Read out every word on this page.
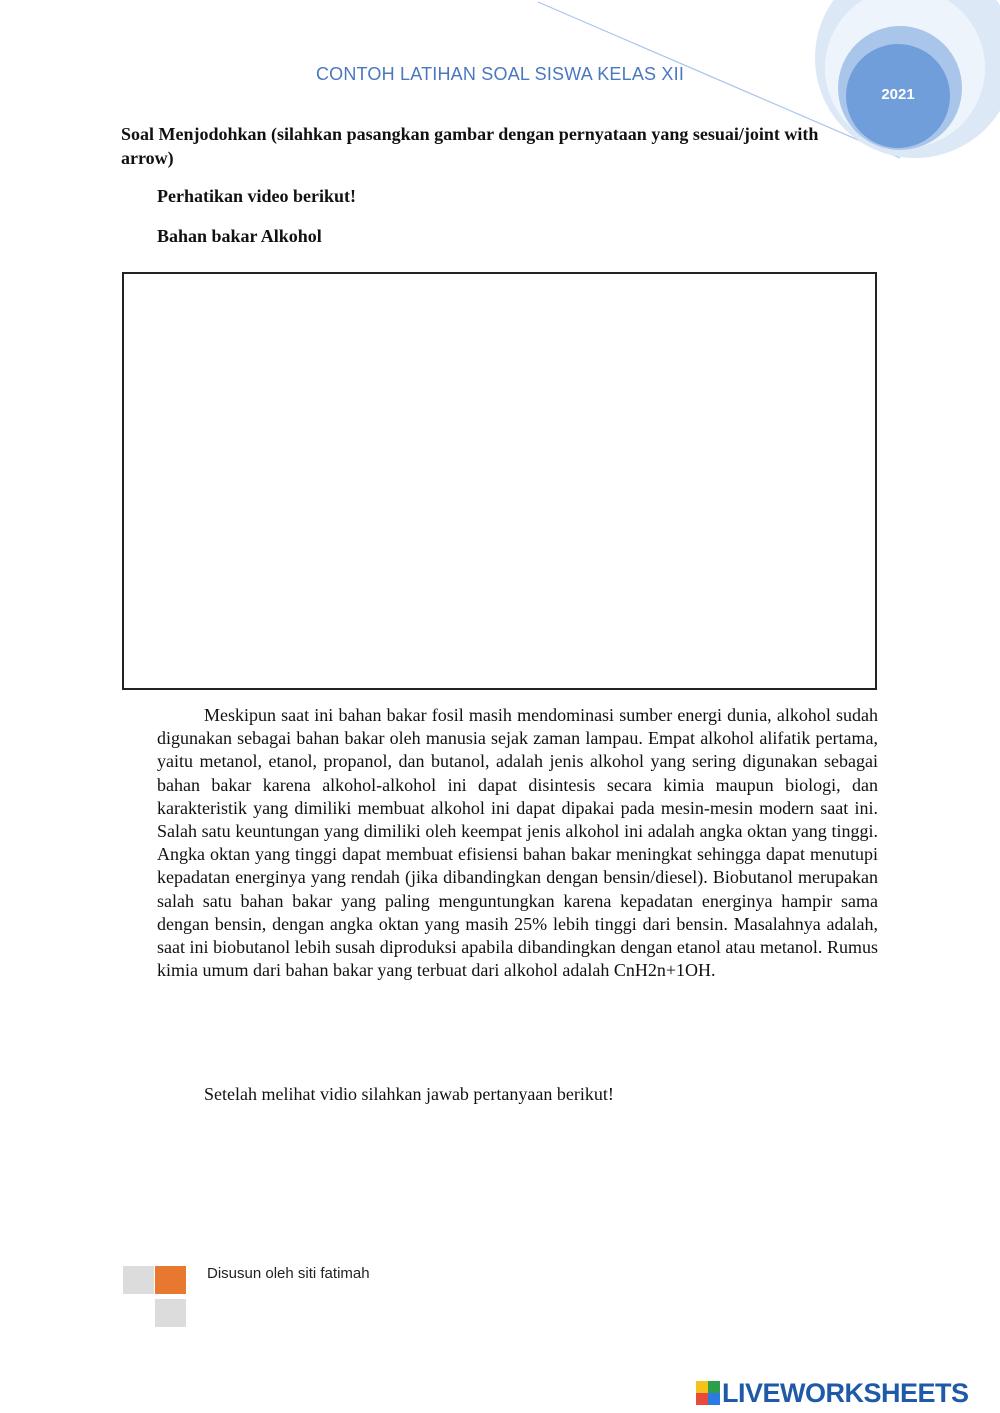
2021
CONTOH LATIHAN SOAL SISWA KELAS XII
Soal Menjodohkan (silahkan pasangkan gambar dengan pernyataan yang sesuai/joint with arrow)
Perhatikan video berikut!
Bahan bakar Alkohol
Meskipun saat ini bahan bakar fosil masih mendominasi sumber energi dunia, alkohol sudah digunakan sebagai bahan bakar oleh manusia sejak zaman lampau. Empat alkohol alifatik pertama, yaitu metanol, etanol, propanol, dan butanol, adalah jenis alkohol yang sering digunakan sebagai bahan bakar karena alkohol-alkohol ini dapat disintesis secara kimia maupun biologi, dan karakteristik yang dimiliki membuat alkohol ini dapat dipakai pada mesin-mesin modern saat ini. Salah satu keuntungan yang dimiliki oleh keempat jenis alkohol ini adalah angka oktan yang tinggi. Angka oktan yang tinggi dapat membuat efisiensi bahan bakar meningkat sehingga dapat menutupi kepadatan energinya yang rendah (jika dibandingkan dengan bensin/diesel). Biobutanol merupakan salah satu bahan bakar yang paling menguntungkan karena kepadatan energinya hampir sama dengan bensin, dengan angka oktan yang masih 25% lebih tinggi dari bensin. Masalahnya adalah, saat ini biobutanol lebih susah diproduksi apabila dibandingkan dengan etanol atau metanol. Rumus kimia umum dari bahan bakar yang terbuat dari alkohol adalah CnH2n+1OH.
Setelah melihat vidio silahkan jawab pertanyaan berikut!
Disusun oleh siti fatimah
LIVEWORKSHEETS
